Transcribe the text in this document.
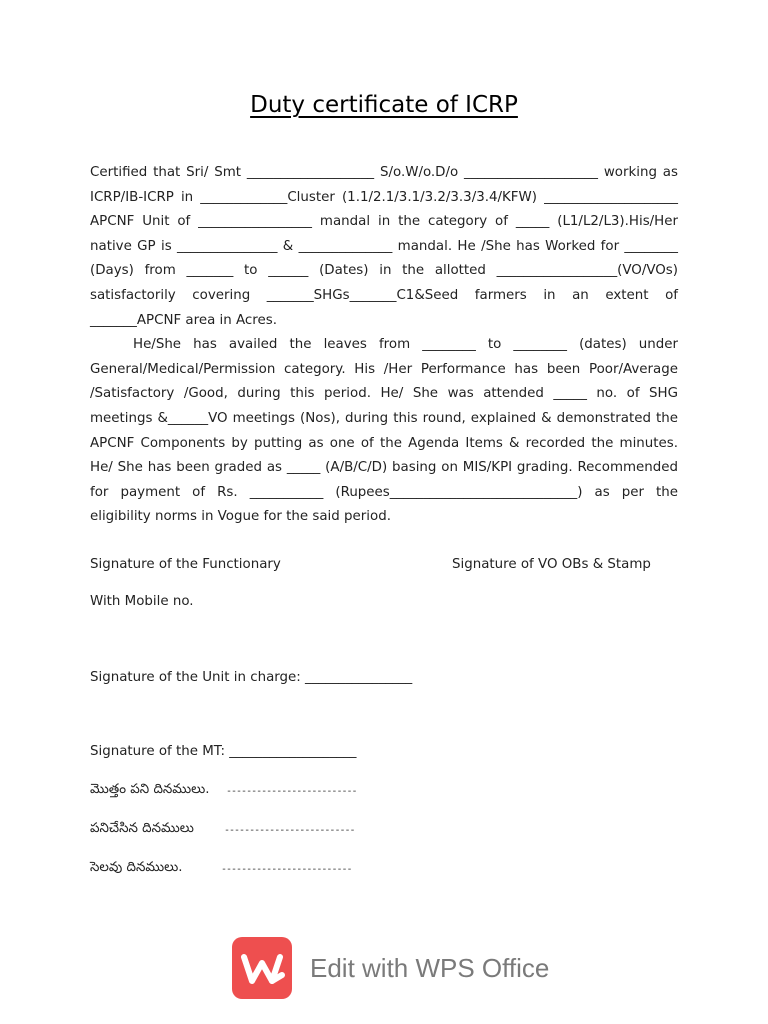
Duty certificate of ICRP

Certified that Sri/ Smt ___________________ S/o.W/o.D/o ____________________ working as ICRP/IB-ICRP in _____________Cluster (1.1/2.1/3.1/3.2/3.3/3.4/KFW) ____________________ APCNF Unit of _________________ mandal in the category of _____ (L1/L2/L3).His/Her native GP is _______________ & ______________ mandal. He /She has Worked for ________ (Days) from _______ to ______ (Dates) in the allotted __________________(VO/VOs) satisfactorily covering _______SHGs_______C1&Seed farmers in an extent of _______APCNF area in Acres.

He/She has availed the leaves from ________ to ________ (dates) under General/Medical/Permission category. His /Her Performance has been Poor/Average /Satisfactory /Good, during this period. He/ She was attended _____ no. of SHG meetings &______VO meetings (Nos), during this round, explained & demonstrated the APCNF Components by putting as one of the Agenda Items & recorded the minutes. He/ She has been graded as _____ (A/B/C/D) basing on MIS/KPI grading. Recommended for payment of Rs. ___________ (Rupees____________________________) as per the eligibility norms in Vogue for the said period.

Signature of the Functionary	Signature of VO OBs & Stamp
With Mobile no.
Signature of the Unit in charge: ________________
Signature of the MT: ___________________
మొత్తం పని దినములు. --------------------------
పనిచేసిన దినములు	--------------------------
సెలవు దినములు.	--------------------------
Edit with WPS Office
